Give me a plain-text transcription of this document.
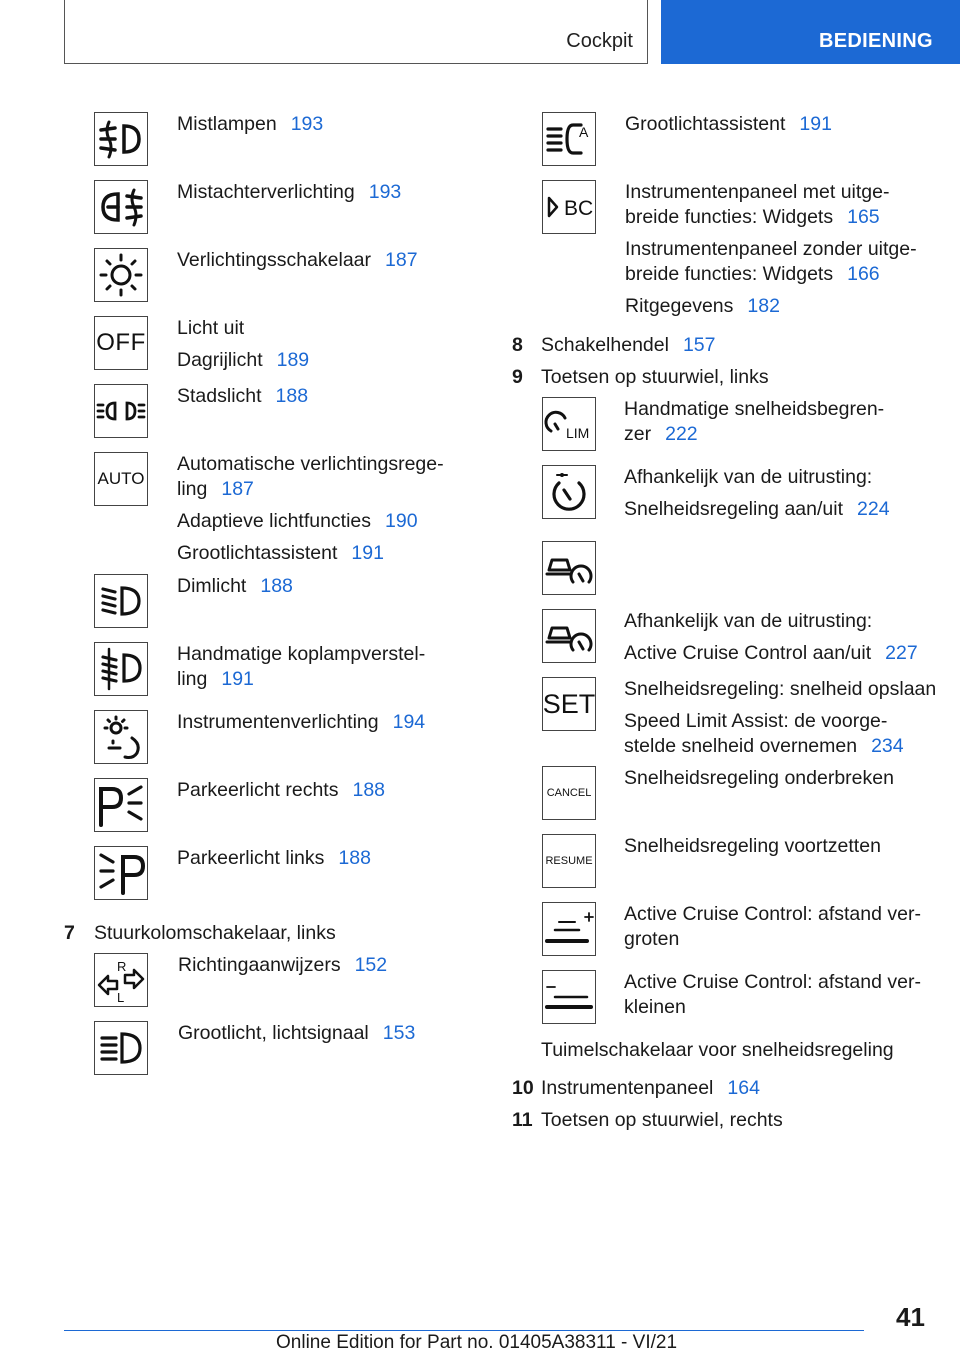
Cockpit	BEDIENING
Mistlampen 193
Mistachterverlichting 193
Verlichtingsschakelaar 187
OFF
Licht uit
Dagrijlicht 189
Stadslicht 188
AUTO
Automatische verlichtingsrege-
ling 187
Adaptieve lichtfuncties 190
Grootlichtassistent 191
Dimlicht 188
Handmatige koplampverstel-
ling 191
Instrumentenverlichting 194
Parkeerlicht rechts 188
Parkeerlicht links 188
7 Stuurkolomschakelaar, links
R
L
Richtingaanwijzers 152
Grootlicht, lichtsignaal 153
A Grootlichtassistent 191
BC
Instrumentenpaneel met uitge-
breide functies: Widgets 165
Instrumentenpaneel zonder uitge-
breide functies: Widgets 166
Ritgegevens 182
8 Schakelhendel 157
9 Toetsen op stuurwiel, links
LIM
Handmatige snelheidsbegren-
zer 222
Afhankelijk van de uitrusting:
Snelheidsregeling aan/uit 224
Afhankelijk van de uitrusting:
Active Cruise Control aan/uit 227
SET Snelheidsregeling: snelheid opslaan
Speed Limit Assist: de voorge-
stelde snelheid overnemen 234
CANCEL
Snelheidsregeling onderbreken
RESUME
Snelheidsregeling voortzetten
Active Cruise Control: afstand ver-
groten
Active Cruise Control: afstand ver-
kleinen
Tuimelschakelaar voor snelheidsregeling
10 Instrumentenpaneel 164
11 Toetsen op stuurwiel, rechts
41
Online Edition for Part no. 01405A38311 - VI/21
